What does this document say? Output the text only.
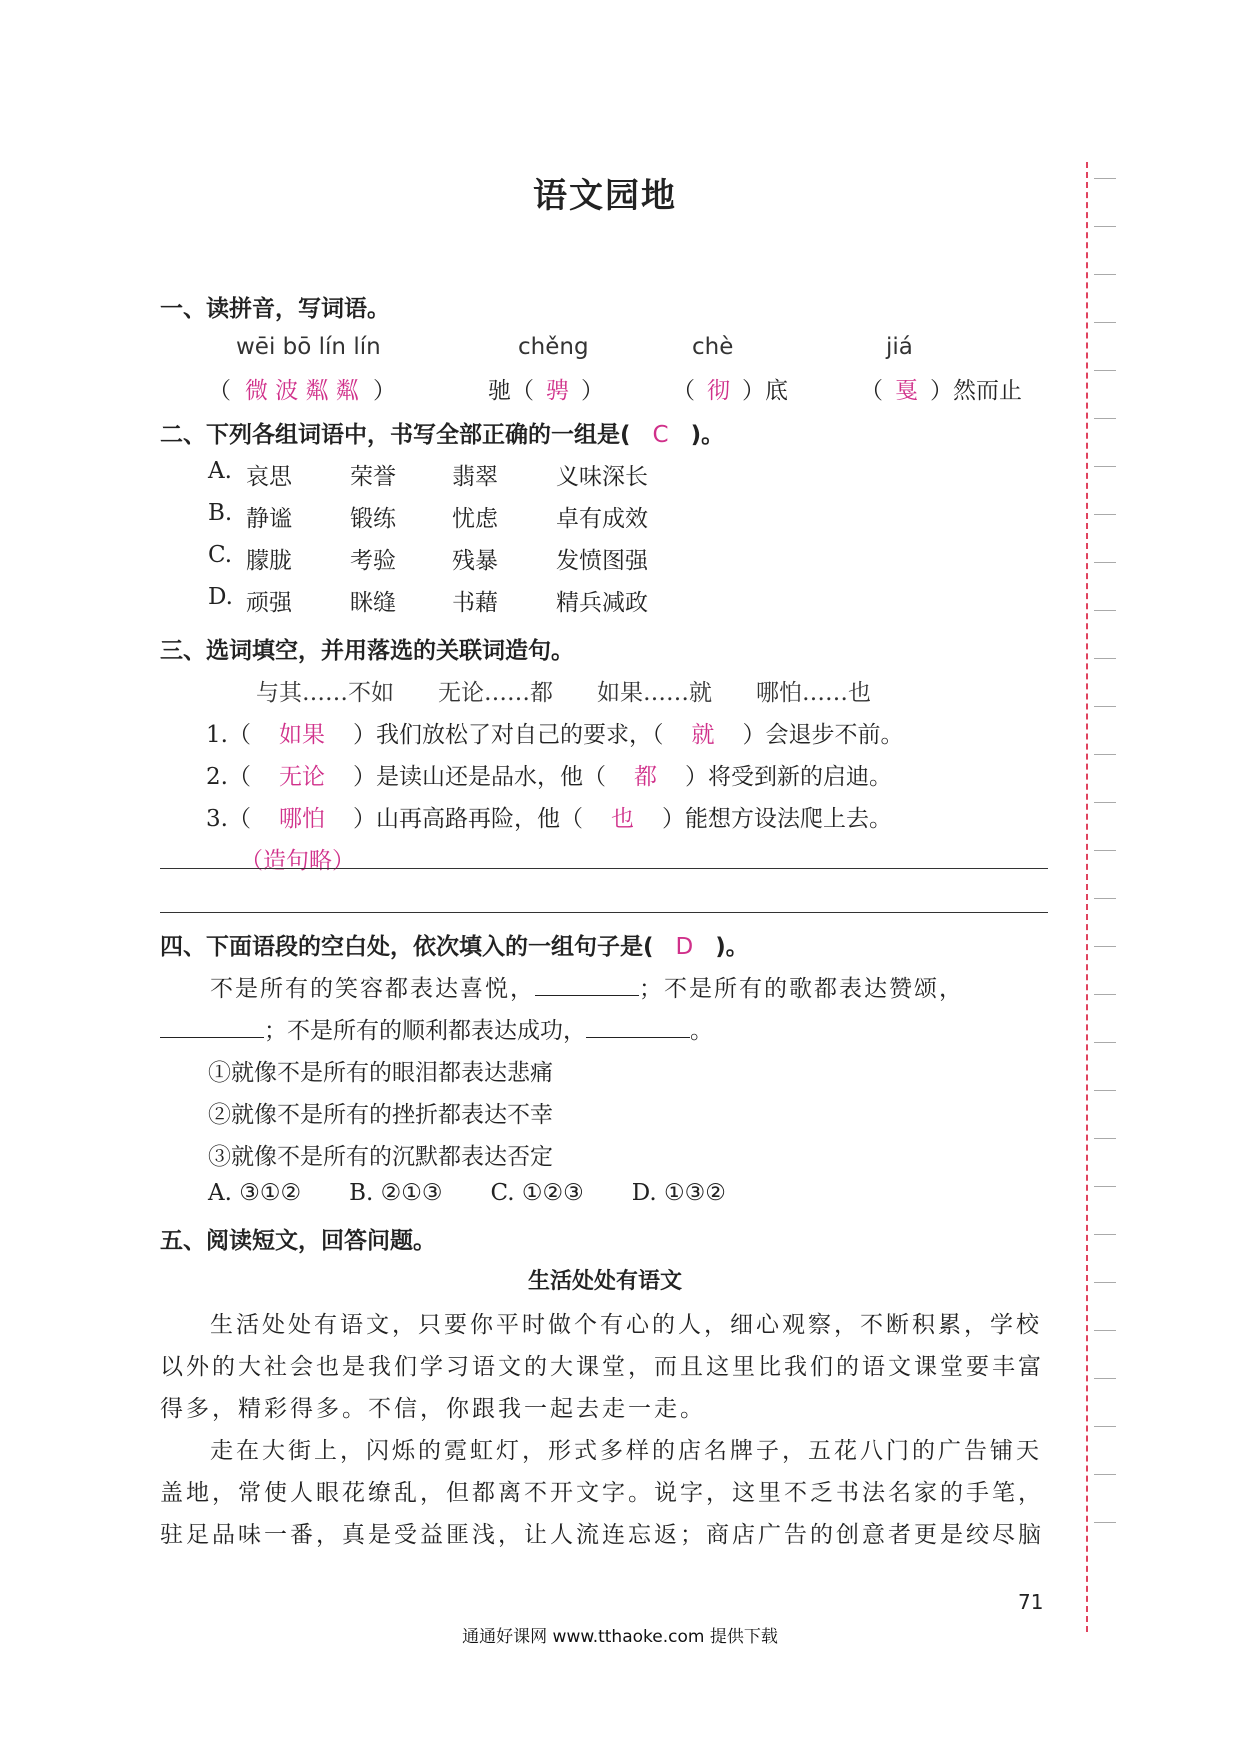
语文园地
一、读拼音，写词语。
wēi bō lín lín	chěng	chè	jiá
（ 微 波 粼 粼 ）	驰（ 骋 ）	（ 彻 ）底	（ 戛 ）然而止
二、下列各组词语中，书写全部正确的一组是( C )。
A. 哀思	荣誉 翡翠	义味深长
B. 静谧	锻练 忧虑	卓有成效
C. 朦胧	考验 残暴	发愤图强
D. 顽强	眯缝 书藉	精兵减政
三、选词填空，并用落选的关联词造句。
与其……不如 无论……都 如果……就 哪怕……也
1.（ 如果 ）我们放松了对自己的要求，（ 就 ）会退步不前。
2.（ 无论 ）是读山还是品水，他（ 都 ）将受到新的启迪。
3.（ 哪怕 ）山再高路再险，他（ 也 ）能想方设法爬上去。
（造句略）
四、下面语段的空白处，依次填入的一组句子是( D )。
不是所有的笑容都表达喜悦，	；不是所有的歌都表达赞颂，
；不是所有的顺利都表达成功，	。
①就像不是所有的眼泪都表达悲痛
②就像不是所有的挫折都表达不幸
③就像不是所有的沉默都表达否定
A. ③①② B. ②①③ C. ①②③ D. ①③②
五、阅读短文，回答问题。
生活处处有语文
生活处处有语文，只要你平时做个有心的人，细心观察，不断积累，学校
以外的大社会也是我们学习语文的大课堂，而且这里比我们的语文课堂要丰富
得多，精彩得多。不信，你跟我一起去走一走。
走在大街上，闪烁的霓虹灯，形式多样的店名牌子，五花八门的广告铺天
盖地，常使人眼花缭乱，但都离不开文字。说字，这里不乏书法名家的手笔，
驻足品味一番，真是受益匪浅，让人流连忘返；商店广告的创意者更是绞尽脑
71
通通好课网 www.tthaoke.com 提供下载
